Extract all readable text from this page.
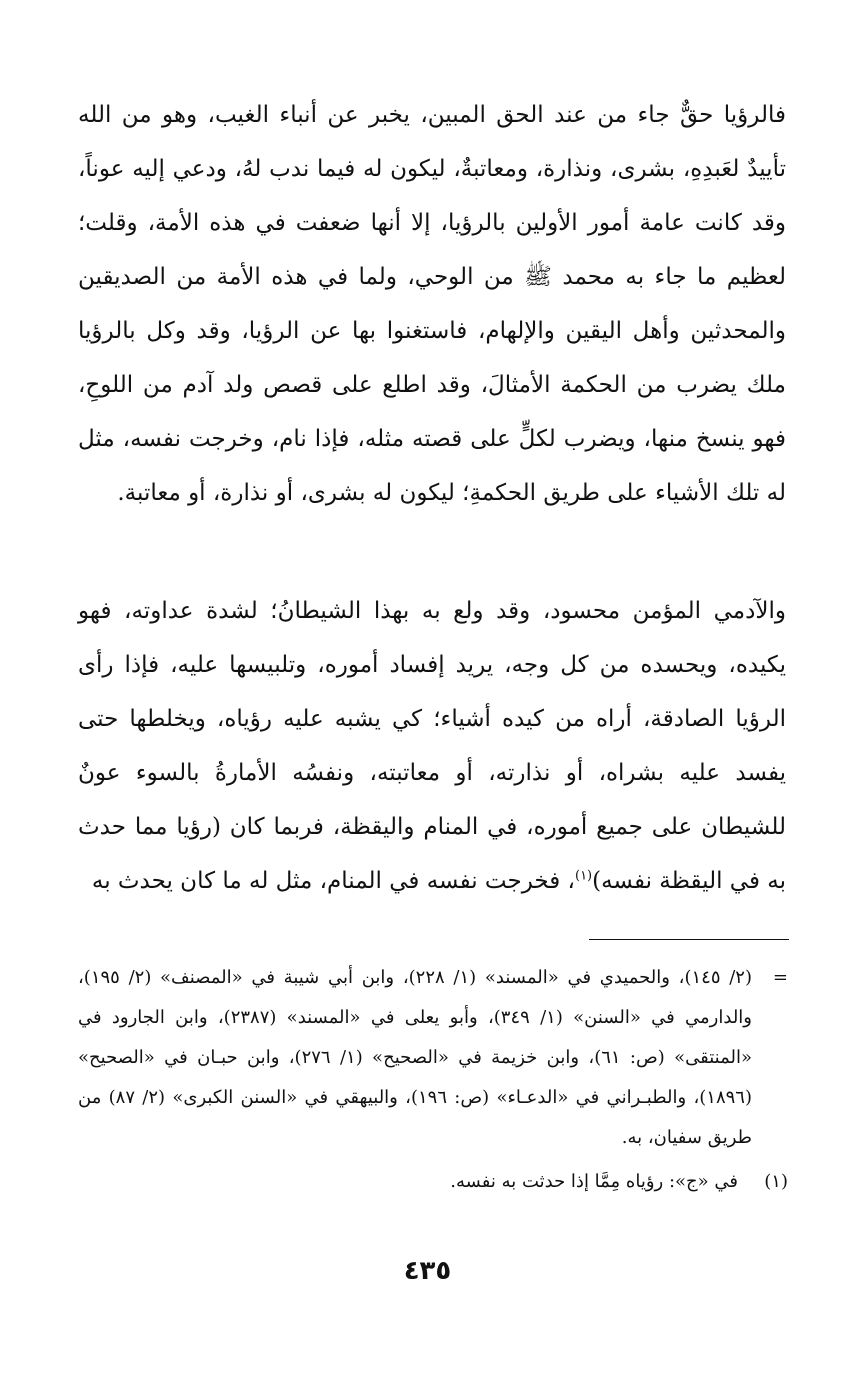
فالرؤيا حقٌّ جاء من عند الحق المبين، يخبر عن أنباء الغيب، وهو من الله تأييدٌ لعَبدِهِ، بشرى، ونذارة، ومعاتبةٌ، ليكون له فيما ندب لهُ، ودعي إليه عوناً، وقد كانت عامة أمور الأولين بالرؤيا، إلا أنها ضعفت في هذه الأمة، وقلت؛ لعظيم ما جاء به محمد ﷺ من الوحي، ولما في هذه الأمة من الصديقين والمحدثين وأهل اليقين والإلهام، فاستغنوا بها عن الرؤيا، وقد وكل بالرؤيا ملك يضرب من الحكمة الأمثالَ، وقد اطلع على قصص ولد آدم من اللوحِ، فهو ينسخ منها، ويضرب لكلٍّ على قصته مثله، فإذا نام، وخرجت نفسه، مثل له تلك الأشياء على طريق الحكمةِ؛ ليكون له بشرى، أو نذارة، أو معاتبة.

والآدمي المؤمن محسود، وقد ولع به بهذا الشيطانُ؛ لشدة عداوته، فهو يكيده، ويحسده من كل وجه، يريد إفساد أموره، وتلبيسها عليه، فإذا رأى الرؤيا الصادقة، أراه من كيده أشياء؛ كي يشبه عليه رؤياه، ويخلطها حتى يفسد عليه بشراه، أو نذارته، أو معاتبته، ونفسُه الأمارةُ بالسوء عونٌ للشيطان على جميع أموره، في المنام واليقظة، فربما كان (رؤيا مما حدث به في اليقظة نفسه)$^{(١)}$، فخرجت نفسه في المنام، مثل له ما كان يحدث به

=
(٢/ ١٤٥)، والحميدي في «المسند» (١/ ٢٢٨)، وابن أبي شيبة في «المصنف» (٢/ ١٩٥)، والدارمي في «السنن» (١/ ٣٤٩)، وأبو يعلى في «المسند» (٢٣٨٧)، وابن الجارود في «المنتقى» (ص: ٦١)، وابن خزيمة في «الصحيح» (١/ ٢٧٦)، وابن حبـان في «الصحيح» (١٨٩٦)، والطبـراني في «الدعـاء» (ص: ١٩٦)، والبيهقي في «السنن الكبرى» (٢/ ٨٧) من طريق سفيان، به.
(١)
في «ج»: رؤياه مِمَّا إذا حدثت به نفسه.
٤٣٥
